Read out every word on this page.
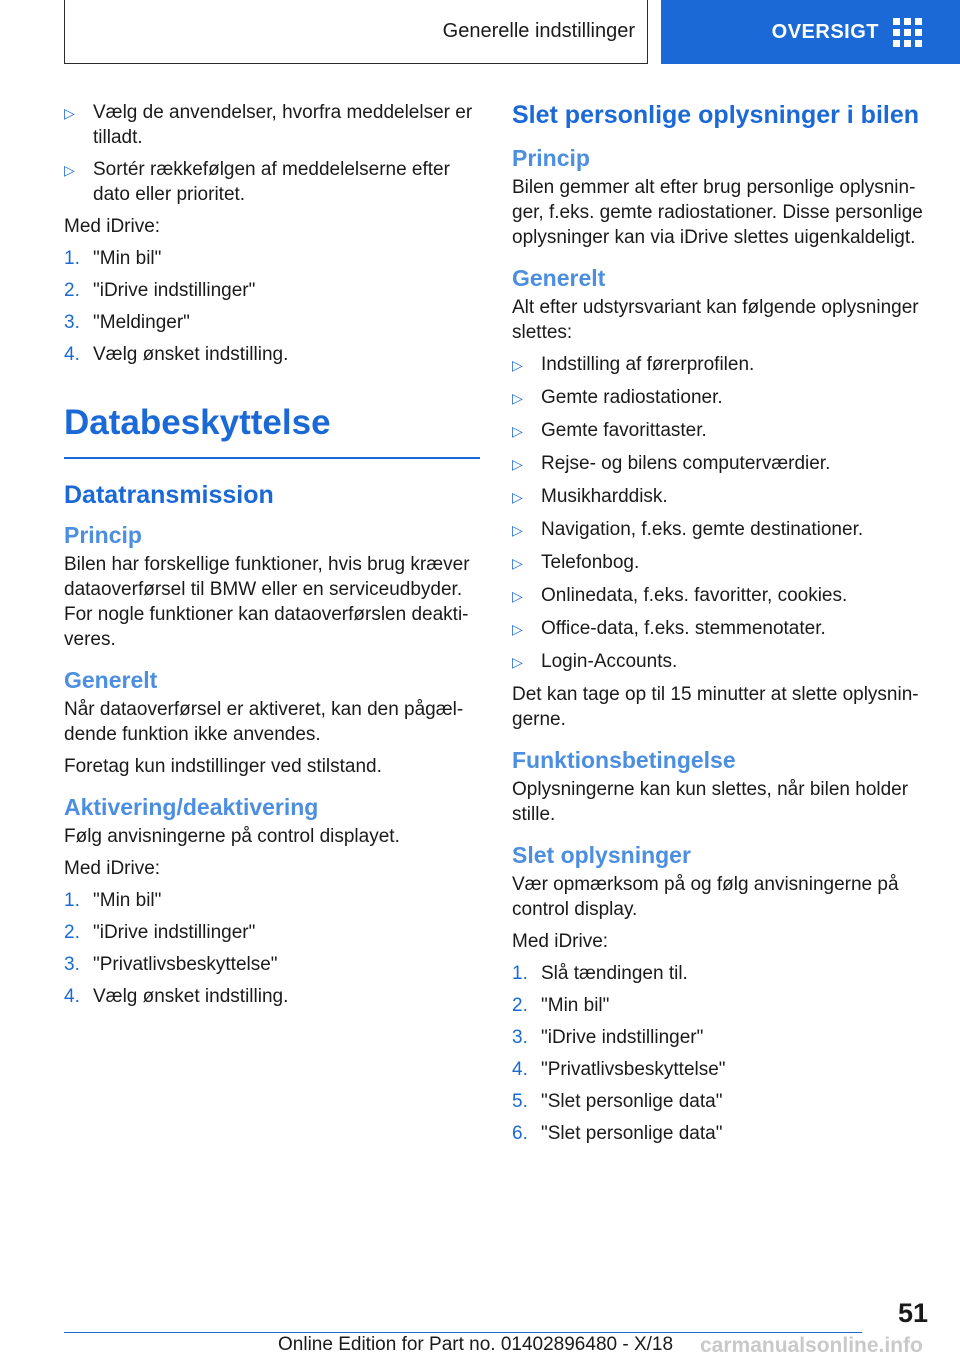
Generelle indstillinger	OVERSIGT
▷ Vælg de anvendelser, hvorfra meddelelser er tilladt.
▷ Sortér rækkefølgen af meddelelserne efter dato eller prioritet.

Med iDrive:

1. "Min bil"
2. "iDrive indstillinger"
3. "Meldinger"
4. Vælg ønsket indstilling.
Databeskyttelse
Datatransmission
Princip

Bilen har forskellige funktioner, hvis brug kræver dataoverførsel til BMW eller en serviceudbyder. For nogle funktioner kan dataoverførslen deakti-veres.

Generelt

Når dataoverførsel er aktiveret, kan den pågæl-dende funktion ikke anvendes.

Foretag kun indstillinger ved stilstand.

Aktivering/deaktivering

Følg anvisningerne på control displayet.

Med iDrive:

1. "Min bil"
2. "iDrive indstillinger"
3. "Privatlivsbeskyttelse"
4. Vælg ønsket indstilling.
Slet personlige oplysninger i bilen
Princip

Bilen gemmer alt efter brug personlige oplysnin-ger, f.eks. gemte radiostationer. Disse personlige oplysninger kan via iDrive slettes uigenkaldeligt.

Generelt

Alt efter udstyrsvariant kan følgende oplysninger slettes:

▷ Indstilling af førerprofilen.
▷ Gemte radiostationer.
▷ Gemte favorittaster.
▷ Rejse- og bilens computerværdier.
▷ Musikharddisk.
▷ Navigation, f.eks. gemte destinationer.
▷ Telefonbog.
▷ Onlinedata, f.eks. favoritter, cookies.
▷ Office-data, f.eks. stemmenotater.
▷ Login-Accounts.

Det kan tage op til 15 minutter at slette oplysnin-gerne.

Funktionsbetingelse

Oplysningerne kan kun slettes, når bilen holder stille.

Slet oplysninger

Vær opmærksom på og følg anvisningerne på control display.

Med iDrive:

1. Slå tændingen til.
2. "Min bil"
3. "iDrive indstillinger"
4. "Privatlivsbeskyttelse"
5. "Slet personlige data"
6. "Slet personlige data"
51
Online Edition for Part no. 01402896480 - X/18 carmanualsonline.info
